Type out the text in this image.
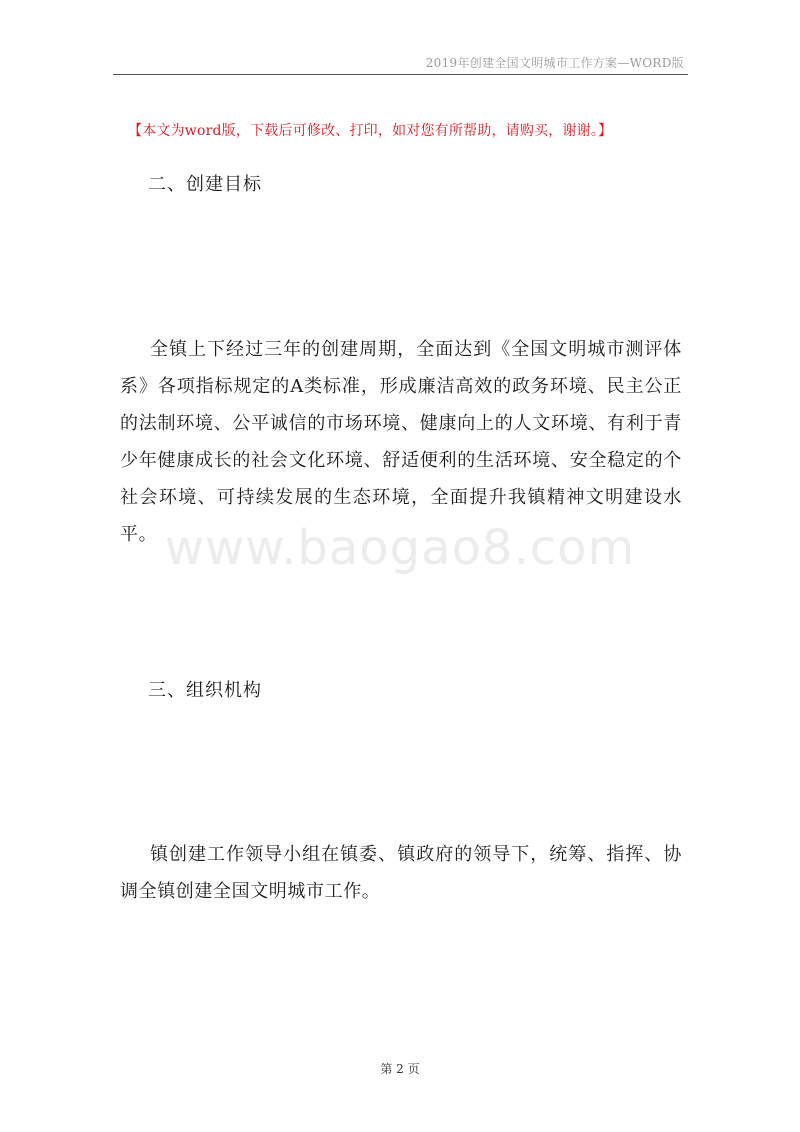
2019年创建全国文明城市工作方案—WORD版
【本文为word版，下载后可修改、打印，如对您有所帮助，请购买，谢谢。】
二、创建目标

全镇上下经过三年的创建周期，全面达到《全国文明城市测评体系》各项指标规定的A类标准，形成廉洁高效的政务环境、民主公正的法制环境、公平诚信的市场环境、健康向上的人文环境、有利于青少年健康成长的社会文化环境、舒适便利的生活环境、安全稳定的个社会环境、可持续发展的生态环境，全面提升我镇精神文明建设水平。 www.baogao8.com
三、组织机构

镇创建工作领导小组在镇委、镇政府的领导下，统筹、指挥、协调全镇创建全国文明城市工作。

第 2 页
